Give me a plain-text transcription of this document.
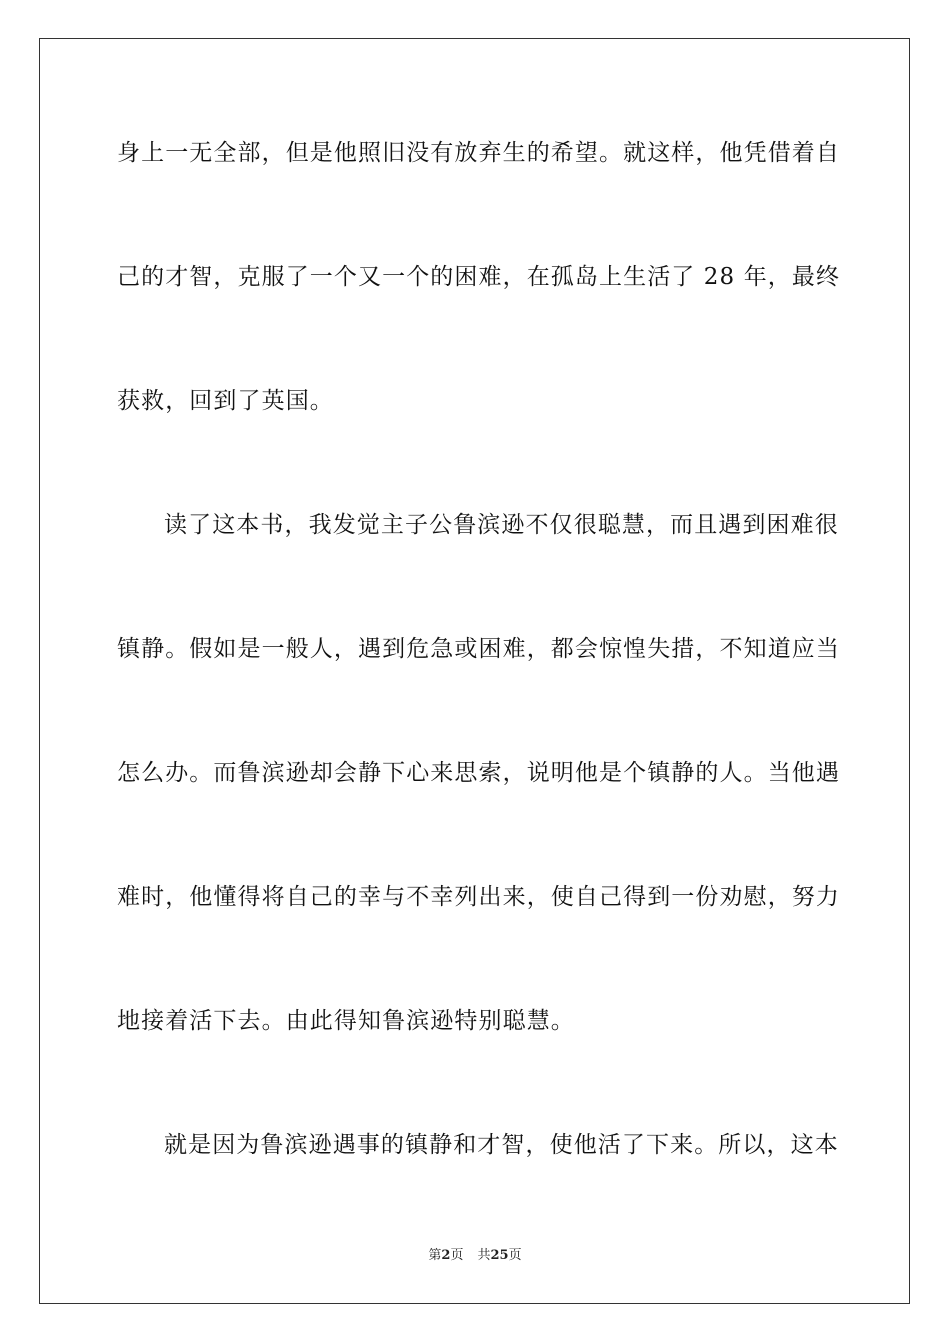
身上一无全部，但是他照旧没有放弃生的希望。就这样，他凭借着自
己的才智，克服了一个又一个的困难，在孤岛上生活了 28 年，最终
获救，回到了英国。
读了这本书，我发觉主子公鲁滨逊不仅很聪慧，而且遇到困难很
镇静。假如是一般人，遇到危急或困难，都会惊惶失措，不知道应当
怎么办。而鲁滨逊却会静下心来思索，说明他是个镇静的人。当他遇
难时，他懂得将自己的幸与不幸列出来，使自己得到一份劝慰，努力
地接着活下去。由此得知鲁滨逊特别聪慧。
就是因为鲁滨逊遇事的镇静和才智，使他活了下来。所以，这本
第2页 共25页
